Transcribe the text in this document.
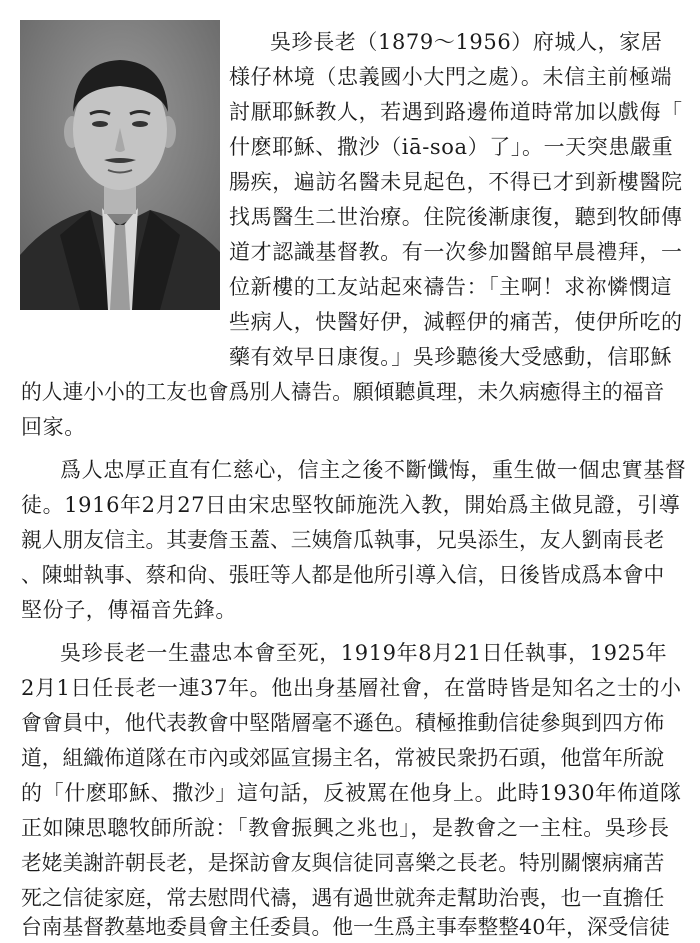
吳珍長老（1879～1956）府城人，家居
様仔林境（忠義國小大門之處）。未信主前極端
討厭耶穌教人，若遇到路邊佈道時常加以戲侮「
什麽耶穌、撒沙（iā-soa）了」。一天突患嚴重
腸疾，遍訪名醫未見起色，不得已才到新樓醫院
找馬醫生二世治療。住院後漸康復，聽到牧師傳
道才認識基督教。有一次參加醫館早晨禮拜，一
位新樓的工友站起來禱告：「主啊！求祢憐憫這
些病人，快醫好伊，減輕伊的痛苦，使伊所吃的
藥有效早日康復。」吳珍聽後大受感動，信耶穌
的人連小小的工友也會爲別人禱告。願傾聽眞理，未久病癒得主的福音
回家。
爲人忠厚正直有仁慈心，信主之後不斷懺悔，重生做一個忠實基督
徒。1916年2月27日由宋忠堅牧師施洗入教，開始爲主做見證，引導
親人朋友信主。其妻詹玉蓋、三姨詹瓜執事，兄吳添生，友人劉南長老
、陳蚶執事、蔡和尙、張旺等人都是他所引導入信，日後皆成爲本會中
堅份子，傳福音先鋒。
吳珍長老一生盡忠本會至死，1919年8月21日任執事，1925年
2月1日任長老一連37年。他出身基層社會，在當時皆是知名之士的小
會會員中，他代表教會中堅階層毫不遜色。積極推動信徒參與到四方佈
道，組織佈道隊在市內或郊區宣揚主名，常被民衆扔石頭，他當年所說
的「什麽耶穌、撒沙」這句話，反被罵在他身上。此時1930年佈道隊
正如陳思聰牧師所說：「教會振興之兆也」，是教會之一主柱。吳珍長
老姥美謝許朝長老，是探訪會友與信徒同喜樂之長老。特別關懷病痛苦
死之信徒家庭，常去慰問代禱，遇有過世就奔走幫助治喪，也一直擔任
台南基督教墓地委員會主任委員。他一生爲主事奉整整40年，深受信徒
